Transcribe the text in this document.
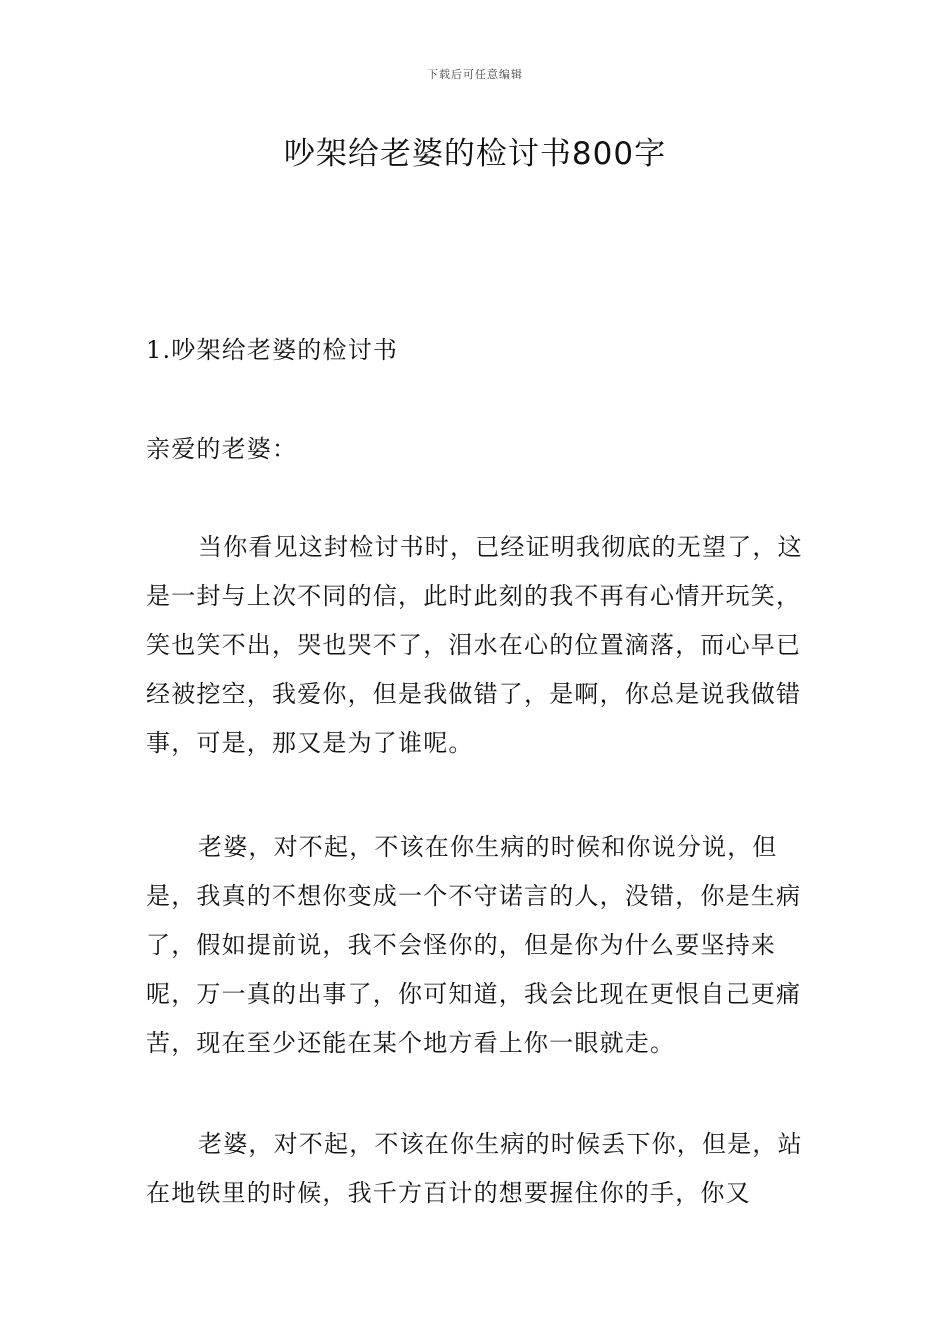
下载后可任意编辑
吵架给老婆的检讨书800字
1.吵架给老婆的检讨书
亲爱的老婆：
当你看见这封检讨书时，已经证明我彻底的无望了，这是一封与上次不同的信，此时此刻的我不再有心情开玩笑，笑也笑不出，哭也哭不了，泪水在心的位置滴落，而心早已经被挖空，我爱你，但是我做错了，是啊，你总是说我做错事，可是，那又是为了谁呢。
老婆，对不起，不该在你生病的时候和你说分说，但是，我真的不想你变成一个不守诺言的人，没错，你是生病了，假如提前说，我不会怪你的，但是你为什么要坚持来呢，万一真的出事了，你可知道，我会比现在更恨自己更痛苦，现在至少还能在某个地方看上你一眼就走。
老婆，对不起，不该在你生病的时候丢下你，但是，站在地铁里的时候，我千方百计的想要握住你的手，你又
